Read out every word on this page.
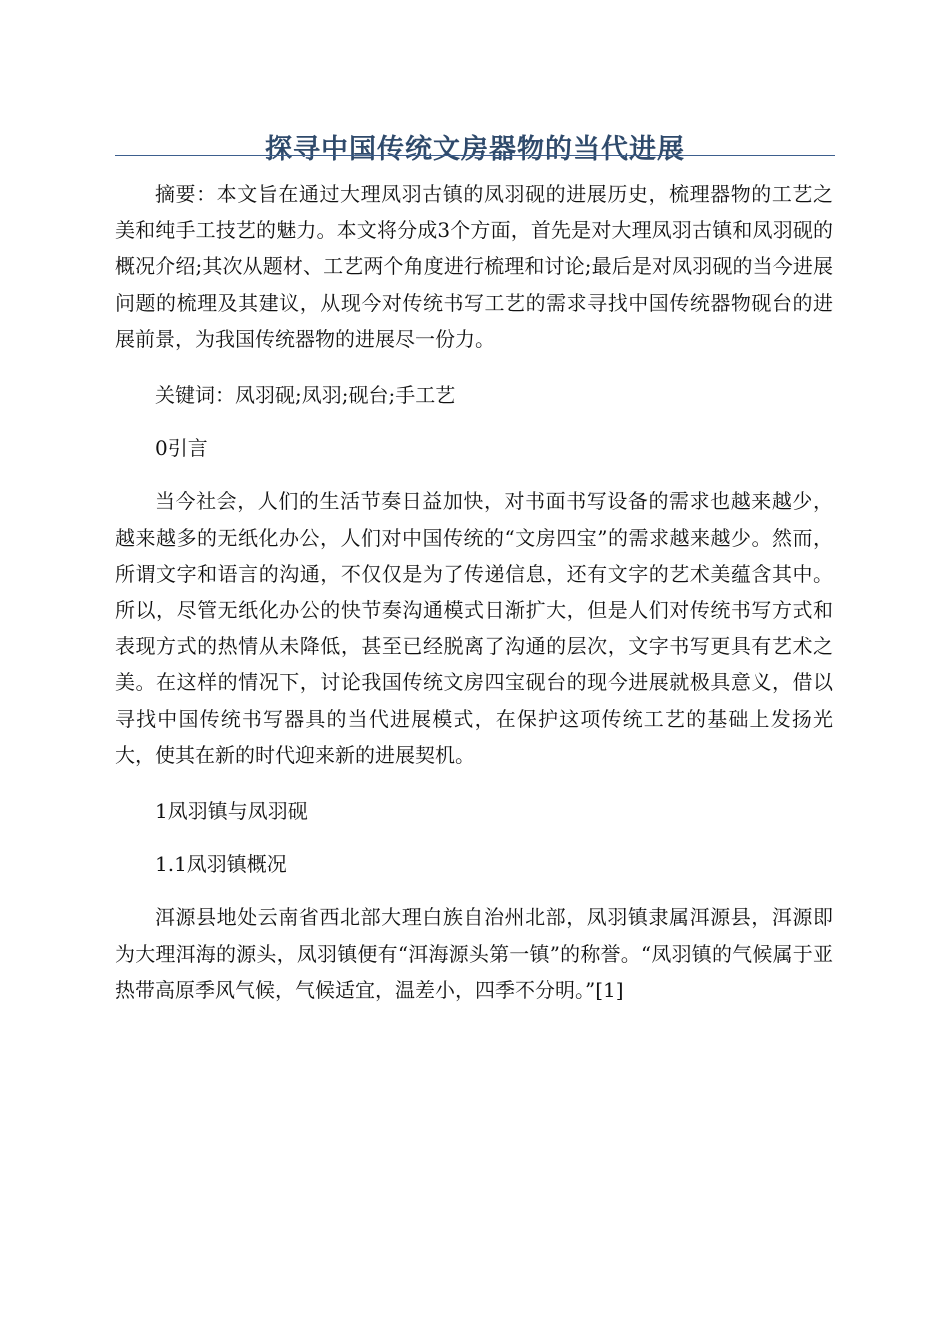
探寻中国传统文房器物的当代进展

摘要：本文旨在通过大理凤羽古镇的凤羽砚的进展历史，梳理器物的工艺之美和纯手工技艺的魅力。本文将分成3个方面，首先是对大理凤羽古镇和凤羽砚的概况介绍;其次从题材、工艺两个角度进行梳理和讨论;最后是对凤羽砚的当今进展问题的梳理及其建议，从现今对传统书写工艺的需求寻找中国传统器物砚台的进展前景，为我国传统器物的进展尽一份力。

关键词：凤羽砚;凤羽;砚台;手工艺

0引言

当今社会，人们的生活节奏日益加快，对书面书写设备的需求也越来越少，越来越多的无纸化办公，人们对中国传统的“文房四宝”的需求越来越少。然而，所谓文字和语言的沟通，不仅仅是为了传递信息，还有文字的艺术美蕴含其中。所以，尽管无纸化办公的快节奏沟通模式日渐扩大，但是人们对传统书写方式和表现方式的热情从未降低，甚至已经脱离了沟通的层次，文字书写更具有艺术之美。在这样的情况下，讨论我国传统文房四宝砚台的现今进展就极具意义，借以寻找中国传统书写器具的当代进展模式，在保护这项传统工艺的基础上发扬光大，使其在新的时代迎来新的进展契机。

1凤羽镇与凤羽砚

1.1凤羽镇概况

洱源县地处云南省西北部大理白族自治州北部，凤羽镇隶属洱源县，洱源即为大理洱海的源头，凤羽镇便有“洱海源头第一镇”的称誉。“凤羽镇的气候属于亚热带高原季风气候，气候适宜，温差小，四季不分明。”[1]
